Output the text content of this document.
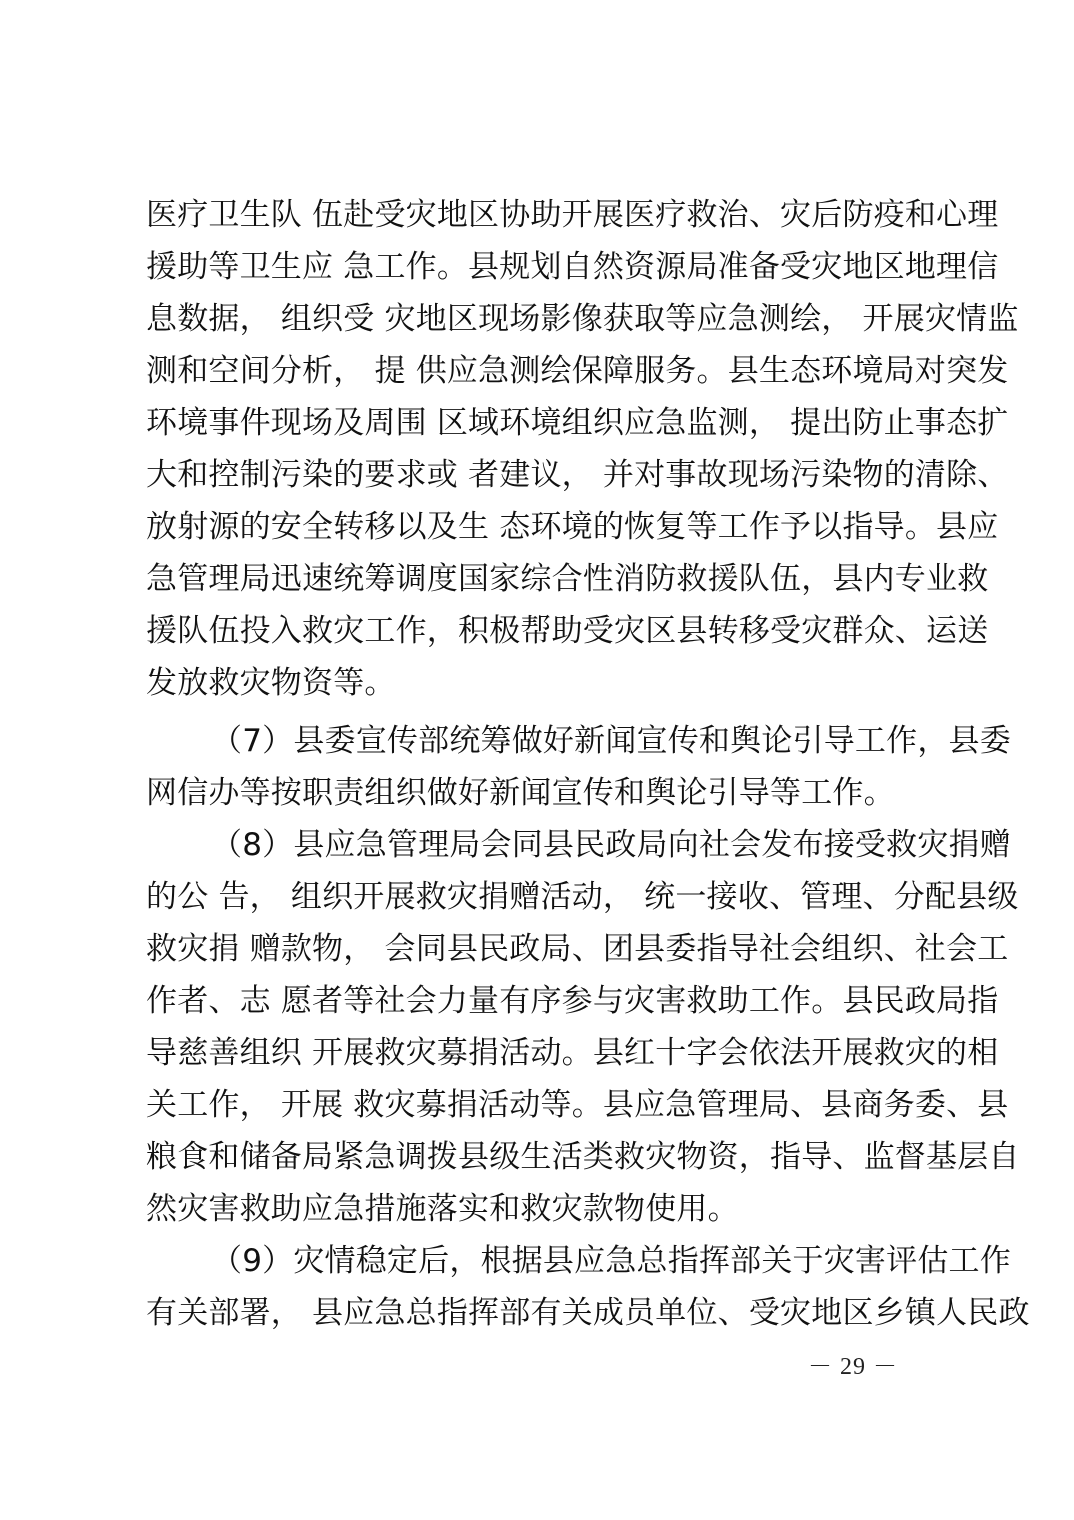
医疗卫生队 伍赴受灾地区协助开展医疗救治、灾后防疫和心理
援助等卫生应 急工作。县规划自然资源局准备受灾地区地理信
息数据， 组织受 灾地区现场影像获取等应急测绘， 开展灾情监
测和空间分析， 提 供应急测绘保障服务。县生态环境局对突发
环境事件现场及周围 区域环境组织应急监测， 提出防止事态扩
大和控制污染的要求或 者建议， 并对事故现场污染物的清除、
放射源的安全转移以及生 态环境的恢复等工作予以指导。县应
急管理局迅速统筹调度国家综合性消防救援队伍，县内专业救
援队伍投入救灾工作，积极帮助受灾区县转移受灾群众、运送
发放救灾物资等。
（7）县委宣传部统筹做好新闻宣传和舆论引导工作，县委
网信办等按职责组织做好新闻宣传和舆论引导等工作。
（8）县应急管理局会同县民政局向社会发布接受救灾捐赠
的公 告， 组织开展救灾捐赠活动， 统一接收、管理、分配县级
救灾捐 赠款物， 会同县民政局、团县委指导社会组织、社会工
作者、志 愿者等社会力量有序参与灾害救助工作。县民政局指
导慈善组织 开展救灾募捐活动。县红十字会依法开展救灾的相
关工作， 开展 救灾募捐活动等。县应急管理局、县商务委、县
粮食和储备局紧急调拨县级生活类救灾物资，指导、监督基层自
然灾害救助应急措施落实和救灾款物使用。
（9）灾情稳定后，根据县应急总指挥部关于灾害评估工作
有关部署， 县应急总指挥部有关成员单位、受灾地区乡镇人民政
－ 29 －
